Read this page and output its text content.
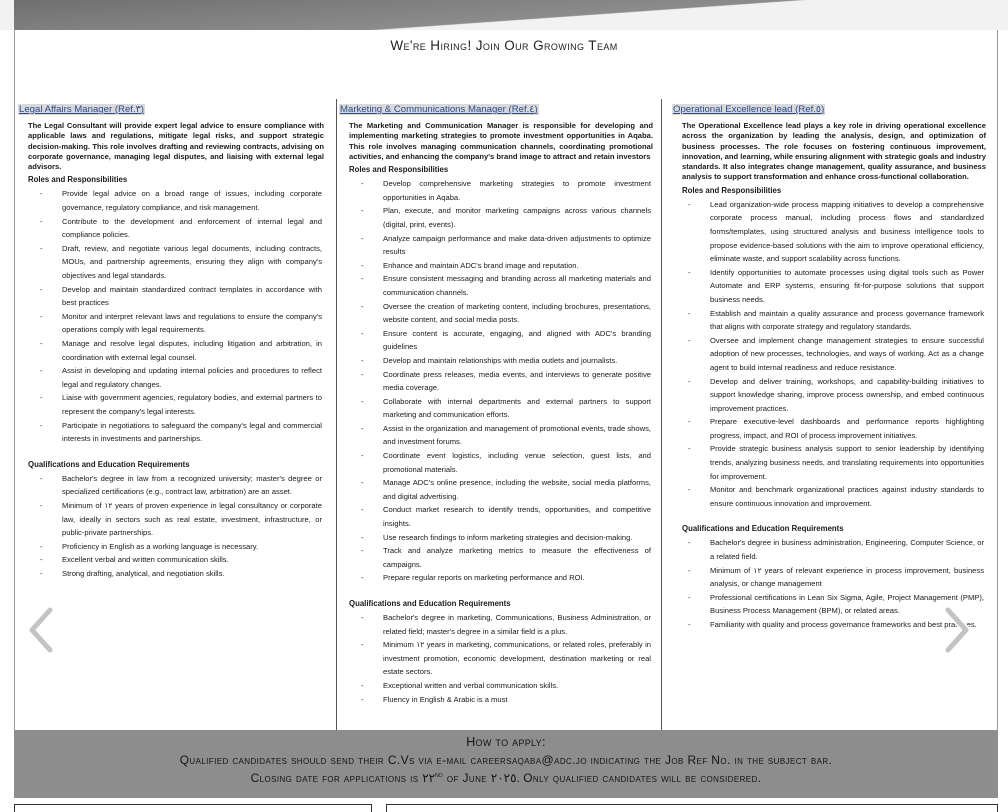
We're Hiring! Join Our Growing Team
Legal Affairs Manager (Ref.٣)
The Legal Consultant will provide expert legal advice to ensure compliance with applicable laws and regulations, mitigate legal risks, and support strategic decision-making. This role involves drafting and reviewing contracts, advising on corporate governance, managing legal disputes, and liaising with external legal advisors.
Roles and Responsibilities
- Provide legal advice on a broad range of issues, including corporate governance, regulatory compliance, and risk management.
- Contribute to the development and enforcement of internal legal and compliance policies.
- Draft, review, and negotiate various legal documents, including contracts, MOUs, and partnership agreements, ensuring they align with company's objectives and legal standards.
- Develop and maintain standardized contract templates in accordance with best practices
- Monitor and interpret relevant laws and regulations to ensure the company's operations comply with legal requirements.
- Manage and resolve legal disputes, including litigation and arbitration, in coordination with external legal counsel.
- Assist in developing and updating internal policies and procedures to reflect legal and regulatory changes.
- Liaise with government agencies, regulatory bodies, and external partners to represent the company's legal interests.
- Participate in negotiations to safeguard the company's legal and commercial interests in investments and partnerships.
Qualifications and Education Requirements
- Bachelor's degree in law from a recognized university; master's degree or specialized certifications (e.g., contract law, arbitration) are an asset.
- Minimum of ١٢ years of proven experience in legal consultancy or corporate law, ideally in sectors such as real estate, investment, infrastructure, or public-private partnerships.
- Proficiency in English as a working language is necessary.
- Excellent verbal and written communication skills.
- Strong drafting, analytical, and negotiation skills.
Marketing & Communications Manager (Ref.٤)
The Marketing and Communication Manager is responsible for developing and implementing marketing strategies to promote investment opportunities in Aqaba. This role involves managing communication channels, coordinating promotional activities, and enhancing the company's brand image to attract and retain investors
Roles and Responsibilities
- Develop comprehensive marketing strategies to promote investment opportunities in Aqaba.
- Plan, execute, and monitor marketing campaigns across various channels (digital, print, events).
- Analyze campaign performance and make data-driven adjustments to optimize results
- Enhance and maintain ADC's brand image and reputation.
- Ensure consistent messaging and branding across all marketing materials and communication channels.
- Oversee the creation of marketing content, including brochures, presentations, website content, and social media posts.
- Ensure content is accurate, engaging, and aligned with ADC's branding guidelines
- Develop and maintain relationships with media outlets and journalists.
- Coordinate press releases, media events, and interviews to generate positive media coverage.
- Collaborate with internal departments and external partners to support marketing and communication efforts.
- Assist in the organization and management of promotional events, trade shows, and investment forums.
- Coordinate event logistics, including venue selection, guest lists, and promotional materials.
- Manage ADC's online presence, including the website, social media platforms, and digital advertising.
- Conduct market research to identify trends, opportunities, and competitive insights.
- Use research findings to inform marketing strategies and decision-making.
- Track and analyze marketing metrics to measure the effectiveness of campaigns.
- Prepare regular reports on marketing performance and ROI.
Qualifications and Education Requirements
- Bachelor's degree in marketing, Communications, Business Administration, or related field; master's degree in a similar field is a plus.
- Minimum ١٢ years in marketing, communications, or related roles, preferably in investment promotion, economic development, destination marketing or real estate sectors.
- Exceptional written and verbal communication skills.
- Fluency in English & Arabic is a must
Operational Excellence lead (Ref.٥)
The Operational Excellence lead plays a key role in driving operational excellence across the organization by leading the analysis, design, and optimization of business processes. The role focuses on fostering continuous improvement, innovation, and learning, while ensuring alignment with strategic goals and industry standards. It also integrates change management, quality assurance, and business analysis to support transformation and enhance cross-functional collaboration.
Roles and Responsibilities
- Lead organization-wide process mapping initiatives to develop a comprehensive corporate process manual, including process flows and standardized forms/templates, using structured analysis and business intelligence tools to propose evidence-based solutions with the aim to improve operational efficiency, eliminate waste, and support scalability across functions.
- Identify opportunities to automate processes using digital tools such as Power Automate and ERP systems, ensuring fit-for-purpose solutions that support business needs.
- Establish and maintain a quality assurance and process governance framework that aligns with corporate strategy and regulatory standards.
- Oversee and implement change management strategies to ensure successful adoption of new processes, technologies, and ways of working. Act as a change agent to build internal readiness and reduce resistance.
- Develop and deliver training, workshops, and capability-building initiatives to support knowledge sharing, improve process ownership, and embed continuous improvement practices.
- Prepare executive-level dashboards and performance reports highlighting progress, impact, and ROI of process improvement initiatives.
- Provide strategic business analysis support to senior leadership by identifying trends, analyzing business needs, and translating requirements into opportunities for improvement.
- Monitor and benchmark organizational practices against industry standards to ensure continuous innovation and improvement.
Qualifications and Education Requirements
- Bachelor's degree in business administration, Engineering, Computer Science, or a related field.
- Minimum of ١٢ years of relevant experience in process improvement, business analysis, or change management
- Professional certifications in Lean Six Sigma, Agile, Project Management (PMP), Business Process Management (BPM), or related areas.
- Familiarity with quality and process governance frameworks and best practices.
How to apply:
Qualified candidates should send their C.Vs via e-mail careersaqaba@adc.jo indicating the Job Ref No. in the subject bar.
Closing date for applications is ٢٢nd of June ٢٠٢٥. Only qualified candidates will be considered.
